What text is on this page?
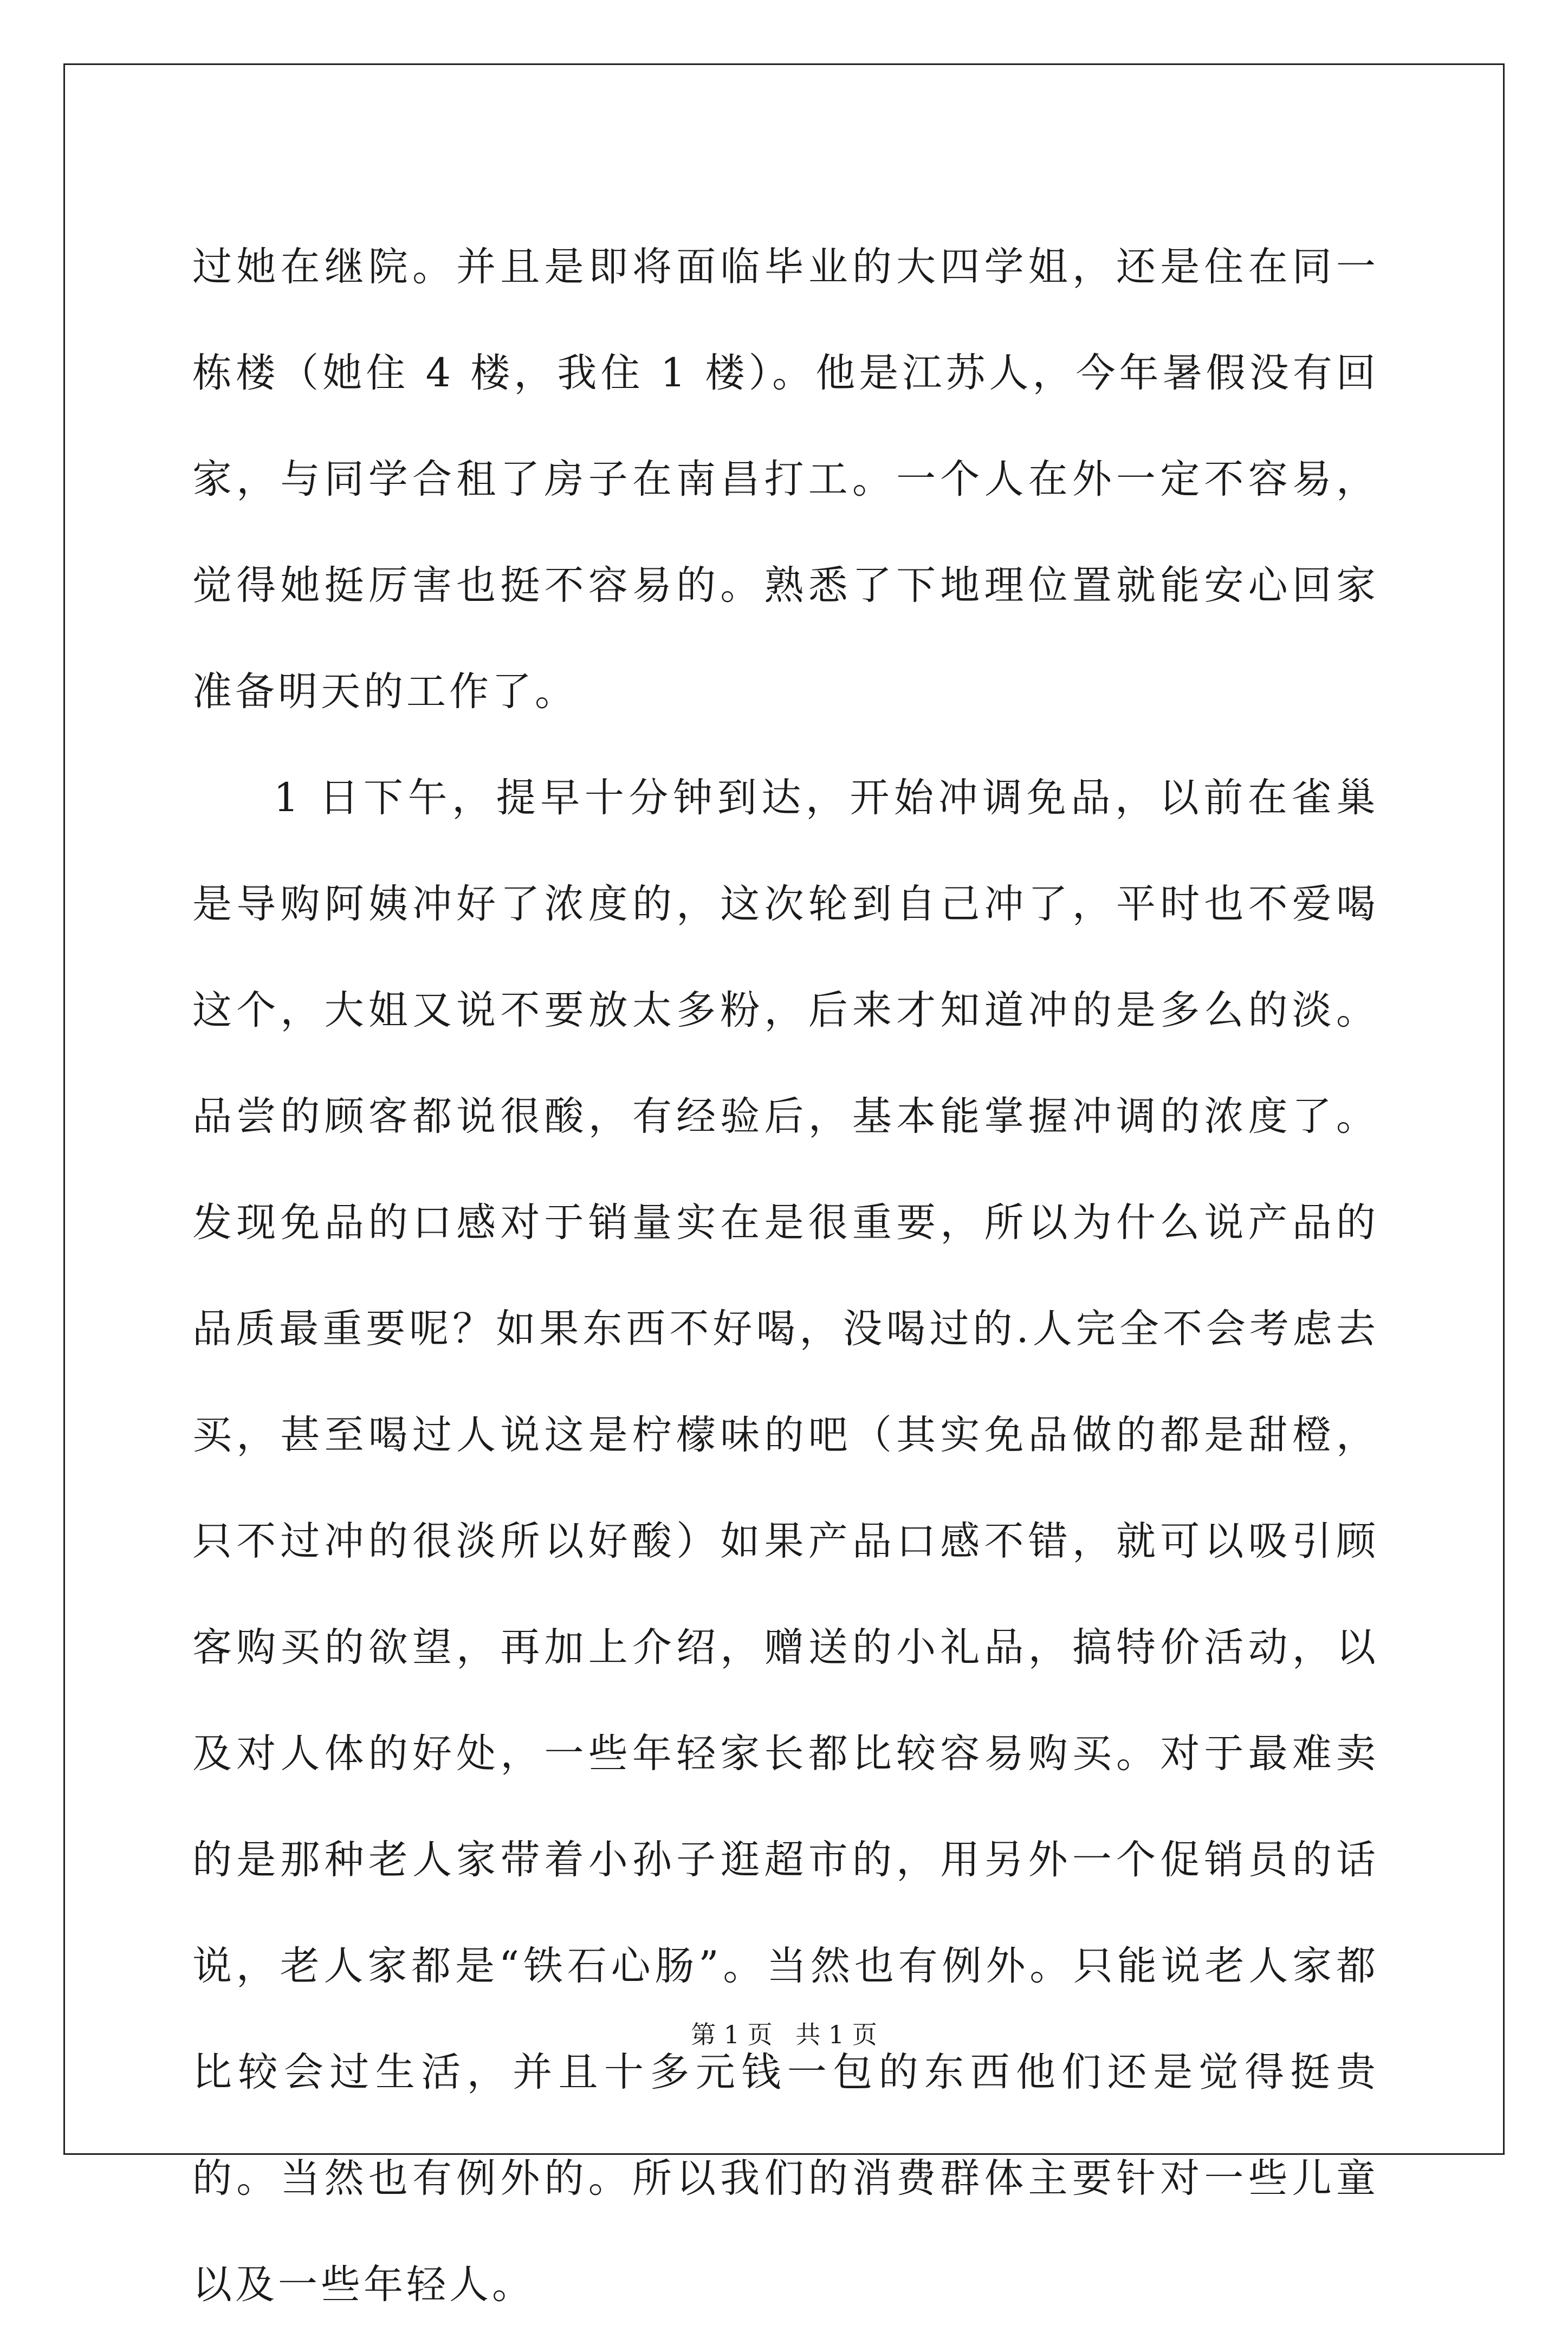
过她在继院。并且是即将面临毕业的大四学姐，还是住在同一栋楼（她住 4 楼，我住 1 楼）。他是江苏人，今年暑假没有回家，与同学合租了房子在南昌打工。一个人在外一定不容易，觉得她挺厉害也挺不容易的。熟悉了下地理位置就能安心回家准备明天的工作了。

1 日下午，提早十分钟到达，开始冲调免品，以前在雀巢是导购阿姨冲好了浓度的，这次轮到自己冲了，平时也不爱喝这个，大姐又说不要放太多粉，后来才知道冲的是多么的淡。品尝的顾客都说很酸，有经验后，基本能掌握冲调的浓度了。发现免品的口感对于销量实在是很重要，所以为什么说产品的品质最重要呢？如果东西不好喝，没喝过的.人完全不会考虑去买，甚至喝过人说这是柠檬味的吧（其实免品做的都是甜橙，只不过冲的很淡所以好酸）如果产品口感不错，就可以吸引顾客购买的欲望，再加上介绍，赠送的小礼品，搞特价活动，以及对人体的好处，一些年轻家长都比较容易购买。对于最难卖的是那种老人家带着小孙子逛超市的，用另外一个促销员的话说，老人家都是“铁石心肠”。当然也有例外。只能说老人家都比较会过生活，并且十多元钱一包的东西他们还是觉得挺贵的。当然也有例外的。所以我们的消费群体主要针对一些儿童以及一些年轻人。

第 1 页 共 1 页
